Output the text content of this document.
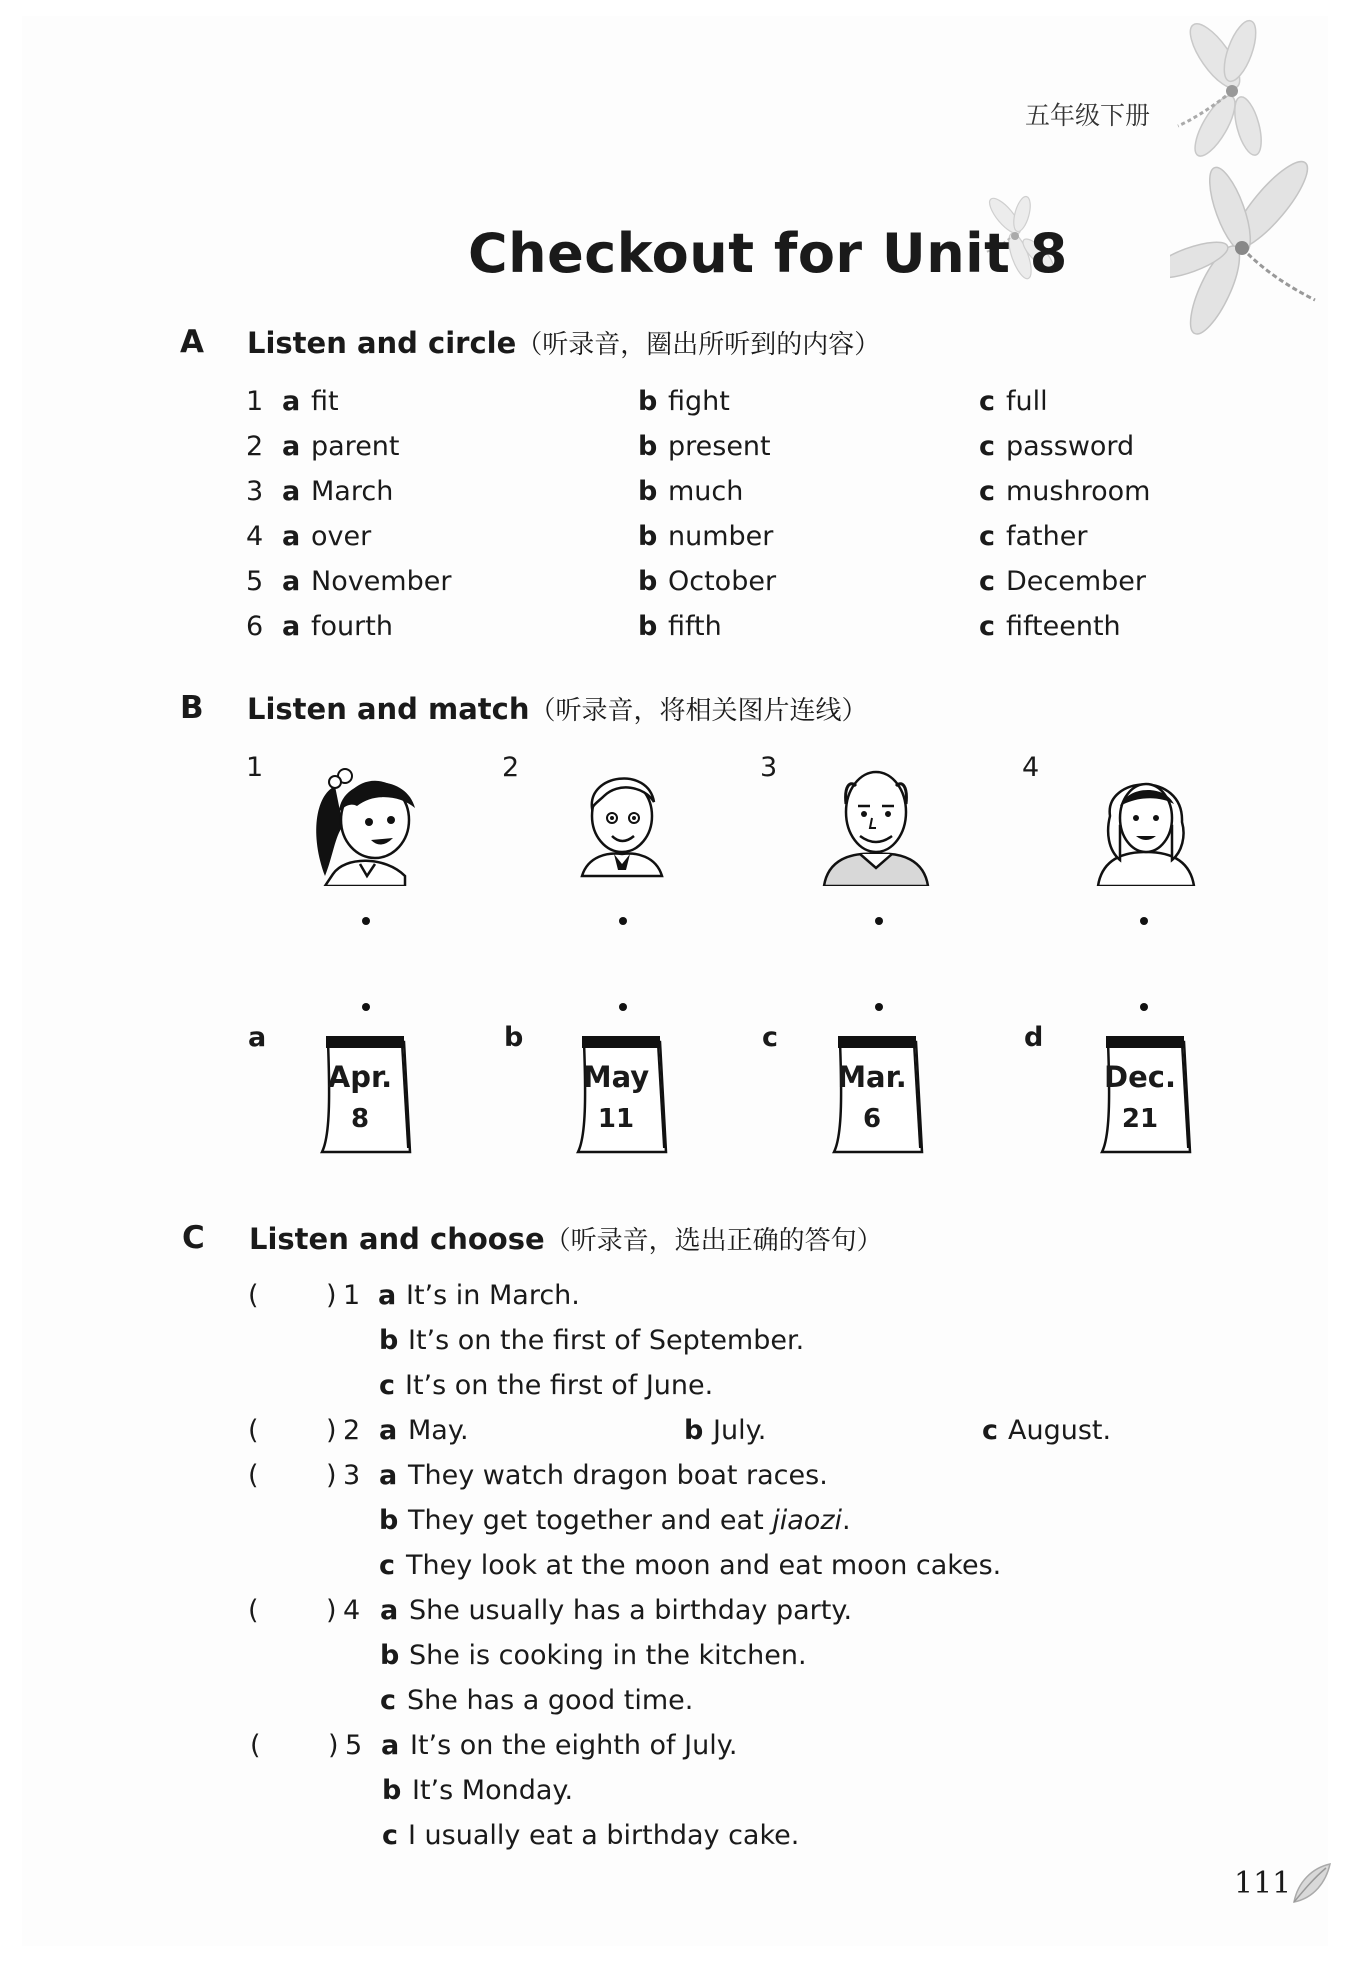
五年级下册
Checkout for Unit 8
A Listen and circle（听录音，圈出所听到的内容）
1 a fit	b fight	c full
2 a parent	b present	c password
3 a March	b much	c mushroom
4 a over	b number	c father
5 a November	b October	c December
6 a fourth	b fifth	c fifteenth
B Listen and match（听录音，将相关图片连线）
1	2	3	4
a	b	c	d
Apr.
8
May
11
Mar.
6
Dec.
21
C Listen and choose（听录音，选出正确的答句）
( ) 1 a It’s in March.
b It’s on the first of September.
c It’s on the first of June.
( ) 2 a May.	b July.	c August.
( ) 3 a They watch dragon boat races.
b They get together and eat jiaozi.
c They look at the moon and eat moon cakes.
( ) 4 a She usually has a birthday party.
b She is cooking in the kitchen.
c She has a good time.
( ) 5 a It’s on the eighth of July.
b It’s Monday.
c I usually eat a birthday cake.
111
